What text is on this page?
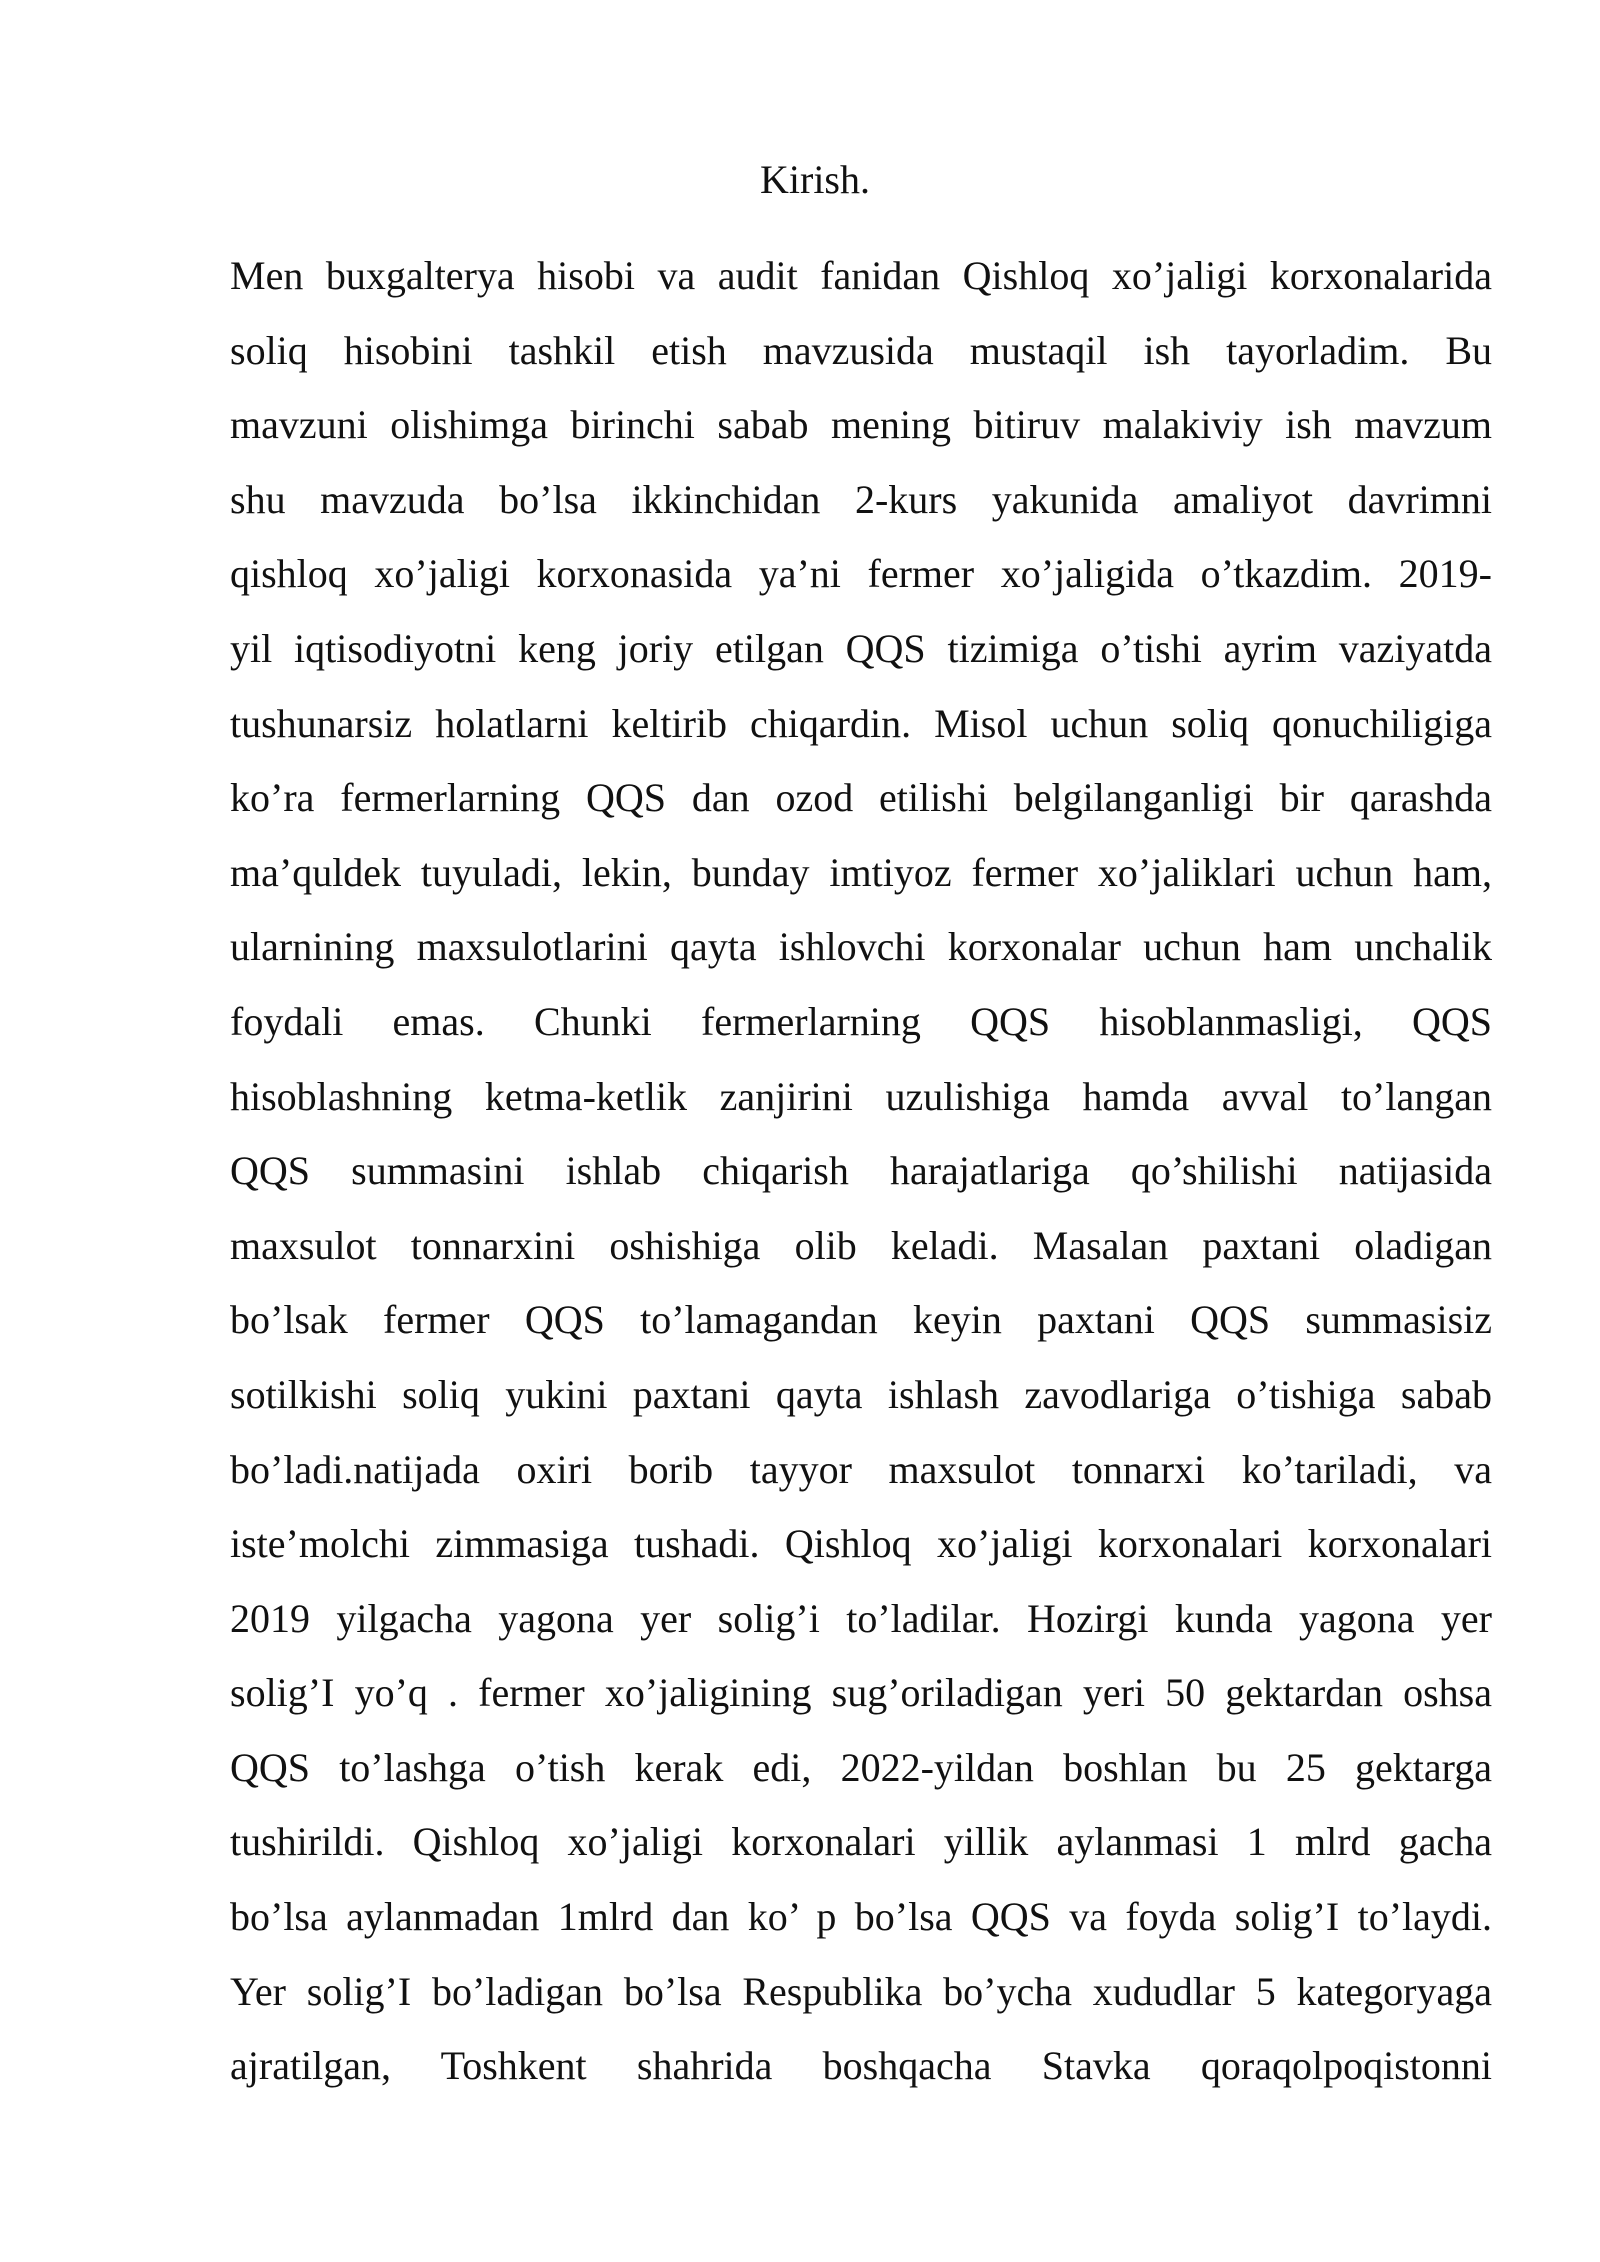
Kirish.
Men buxgalterya hisobi va audit fanidan Qishloq xo’jaligi korxonalarida
soliq hisobini tashkil etish mavzusida mustaqil ish tayorladim. Bu
mavzuni olishimga birinchi sabab mening bitiruv malakiviy ish mavzum
shu mavzuda bo’lsa ikkinchidan 2-kurs yakunida amaliyot davrimni
qishloq xo’jaligi korxonasida ya’ni fermer xo’jaligida o’tkazdim. 2019-
yil iqtisodiyotni keng joriy etilgan QQS tizimiga o’tishi ayrim vaziyatda
tushunarsiz holatlarni keltirib chiqardin. Misol uchun soliq qonuchiligiga
ko’ra fermerlarning QQS dan ozod etilishi belgilanganligi bir qarashda
ma’quldek tuyuladi, lekin, bunday imtiyoz fermer xo’jaliklari uchun ham,
ularnining maxsulotlarini qayta ishlovchi korxonalar uchun ham unchalik
foydali emas. Chunki fermerlarning QQS hisoblanmasligi, QQS
hisoblashning ketma-ketlik zanjirini uzulishiga hamda avval to’langan
QQS summasini ishlab chiqarish harajatlariga qo’shilishi natijasida
maxsulot tonnarxini oshishiga olib keladi. Masalan paxtani oladigan
bo’lsak fermer QQS to’lamagandan keyin paxtani QQS summasisiz
sotilkishi soliq yukini paxtani qayta ishlash zavodlariga o’tishiga sabab
bo’ladi.natijada oxiri borib tayyor maxsulot tonnarxi ko’tariladi, va
iste’molchi zimmasiga tushadi. Qishloq xo’jaligi korxonalari korxonalari
2019 yilgacha yagona yer solig’i to’ladilar. Hozirgi kunda yagona yer
solig’I yo’q . fermer xo’jaligining sug’oriladigan yeri 50 gektardan oshsa
QQS to’lashga o’tish kerak edi, 2022-yildan boshlan bu 25 gektarga
tushirildi. Qishloq xo’jaligi korxonalari yillik aylanmasi 1 mlrd gacha
bo’lsa aylanmadan 1mlrd dan ko’ p bo’lsa QQS va foyda solig’I to’laydi.
Yer solig’I bo’ladigan bo’lsa Respublika bo’ycha xududlar 5 kategoryaga
ajratilgan, Toshkent shahrida boshqacha Stavka qoraqolpoqistonni
